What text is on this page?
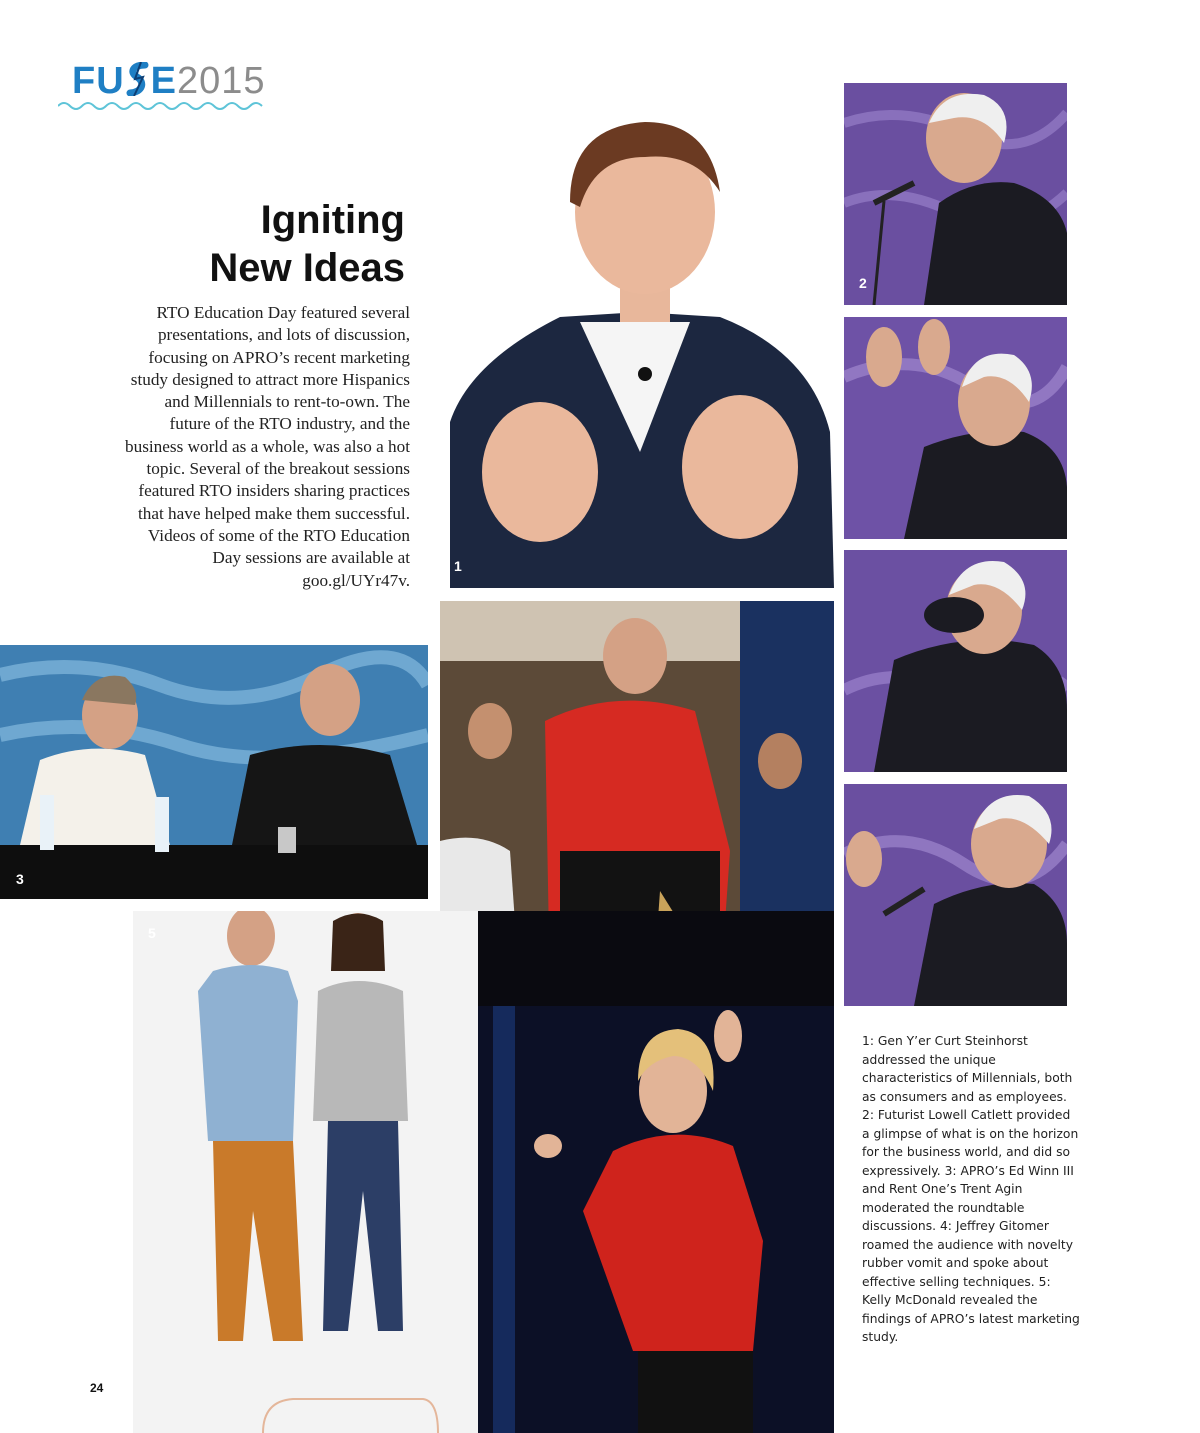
FU E2015
Igniting
New Ideas

RTO Education Day featured several presentations, and lots of discussion, focusing on APRO’s recent marketing study designed to attract more Hispanics and Millennials to rent-to-own. The future of the RTO industry, and the business world as a whole, was also a hot topic. Several of the breakout sessions featured RTO insiders sharing practices that have helped make them successful. Videos of some of the RTO Education Day sessions are available at goo.gl/UYr47v.

1
2
3
5

1: Gen Y’er Curt Steinhorst addressed the unique characteristics of Millennials, both as consumers and as employees. 2: Futurist Lowell Catlett provided a glimpse of what is on the horizon for the business world, and did so expressively. 3: APRO’s Ed Winn III and Rent One’s Trent Agin moderated the roundtable discussions. 4: Jeffrey Gitomer roamed the audience with novelty rubber vomit and spoke about effective selling techniques. 5: Kelly McDonald revealed the findings of APRO’s latest marketing study.

24
